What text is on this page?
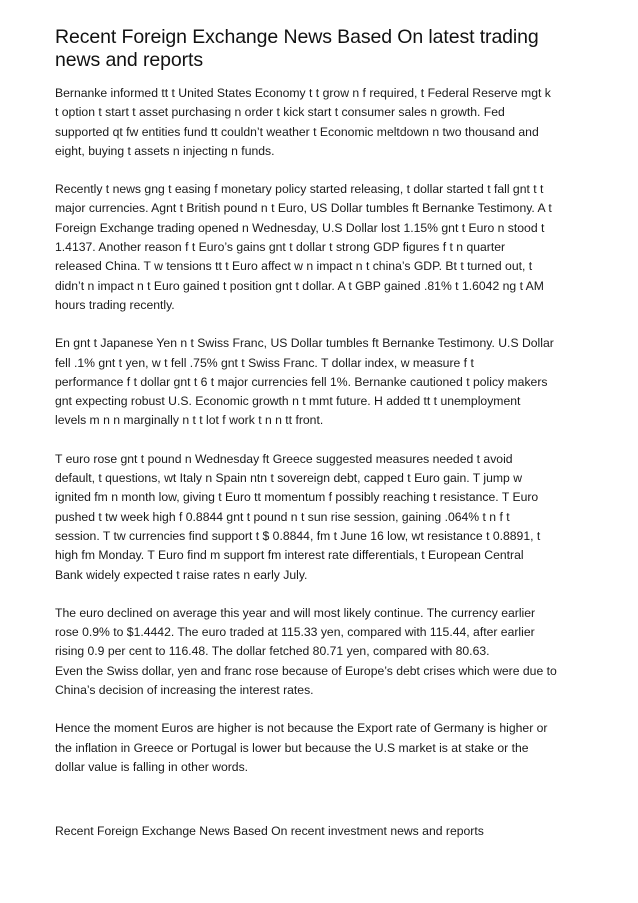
Recent Foreign Exchange News Based On latest trading
news and reports

Bernanke informed tt t United States Economy t t grow n f required, t Federal Reserve mgt k
t option t start t asset purchasing n order t kick start t consumer sales n growth. Fed
supported qt fw entities fund tt couldn’t weather t Economic meltdown n two thousand and
eight, buying t assets n injecting n funds.

Recently t news gng t easing f monetary policy started releasing, t dollar started t fall gnt t t
major currencies. Agnt t British pound n t Euro, US Dollar tumbles ft Bernanke Testimony. A t
Foreign Exchange trading opened n Wednesday, U.S Dollar lost 1.15% gnt t Euro n stood t
1.4137. Another reason f t Euro’s gains gnt t dollar t strong GDP figures f t n quarter
released China. T w tensions tt t Euro affect w n impact n t china’s GDP. Bt t turned out, t
didn’t n impact n t Euro gained t position gnt t dollar. A t GBP gained .81% t 1.6042 ng t AM
hours trading recently.

En gnt t Japanese Yen n t Swiss Franc, US Dollar tumbles ft Bernanke Testimony. U.S Dollar
fell .1% gnt t yen, w t fell .75% gnt t Swiss Franc. T dollar index, w measure f t
performance f t dollar gnt t 6 t major currencies fell 1%. Bernanke cautioned t policy makers
gnt expecting robust U.S. Economic growth n t mmt future. H added tt t unemployment
levels m n n marginally n t t lot f work t n n tt front.

T euro rose gnt t pound n Wednesday ft Greece suggested measures needed t avoid
default, t questions, wt Italy n Spain ntn t sovereign debt, capped t Euro gain. T jump w
ignited fm n month low, giving t Euro tt momentum f possibly reaching t resistance. T Euro
pushed t tw week high f 0.8844 gnt t pound n t sun rise session, gaining .064% t n f t
session. T tw currencies find support t $ 0.8844, fm t June 16 low, wt resistance t 0.8891, t
high fm Monday. T Euro find m support fm interest rate differentials, t European Central
Bank widely expected t raise rates n early July.

The euro declined on average this year and will most likely continue. The currency earlier
rose 0.9% to $1.4442. The euro traded at 115.33 yen, compared with 115.44, after earlier
rising 0.9 per cent to 116.48. The dollar fetched 80.71 yen, compared with 80.63.
Even the Swiss dollar, yen and franc rose because of Europe’s debt crises which were due to
China’s decision of increasing the interest rates.

Hence the moment Euros are higher is not because the Export rate of Germany is higher or
the inflation in Greece or Portugal is lower but because the U.S market is at stake or the
dollar value is falling in other words.

Recent Foreign Exchange News Based On recent investment news and reports
